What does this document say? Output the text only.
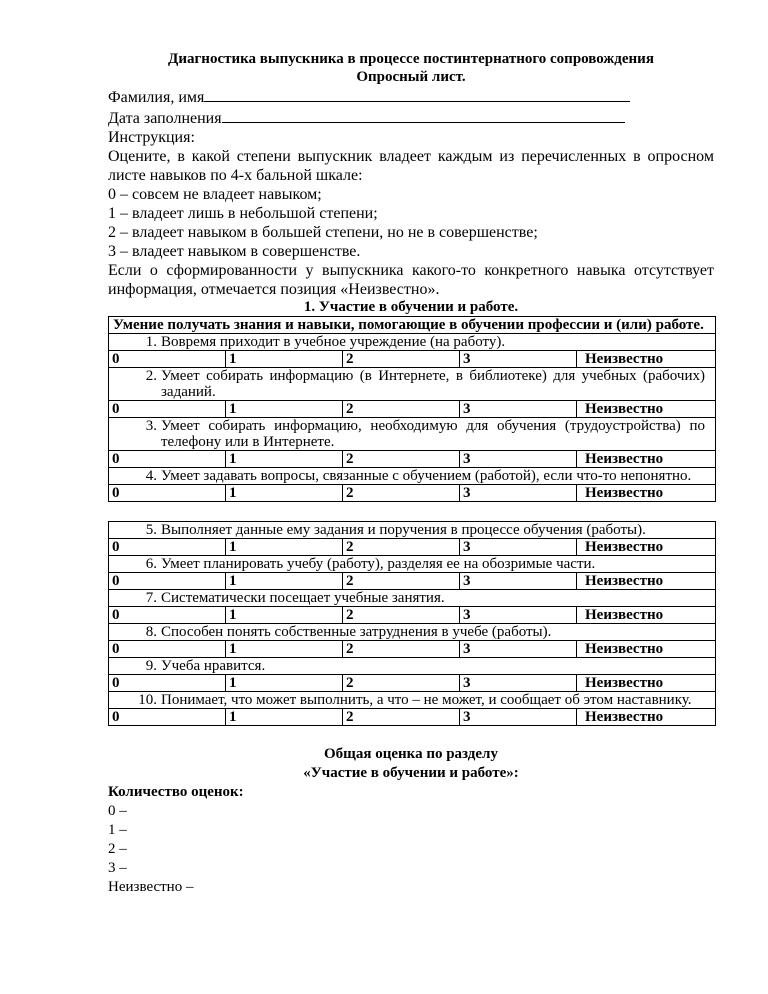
Диагностика выпускника в процессе постинтернатного сопровождения
Опросный лист.
Фамилия, имя
Дата заполнения
Инструкция:
Оцените, в какой степени выпускник владеет каждым из перечисленных в опросном листе навыков по 4-х бальной шкале:
0 – совсем не владеет навыком;
1 – владеет лишь в небольшой степени;
2 – владеет навыком в большей степени, но не в совершенстве;
3 – владеет навыком в совершенстве.
Если о сформированности у выпускника какого-то конкретного навыка отсутствует информация, отмечается позиция «Неизвестно».
1. Участие в обучении и работе.
Умение получать знания и навыки, помогающие в обучении профессии и (или) работе.				
1. Вовремя приходит в учебное учреждение (на работу).				
0	1	2	3	Неизвестно
2. Умеет собирать информацию (в Интернете, в библиотеке) для учебных (рабочих) заданий.				
0	1	2	3	Неизвестно
3. Умеет собирать информацию, необходимую для обучения (трудоустройства) по телефону или в Интернете.				
0	1	2	3	Неизвестно
4. Умеет задавать вопросы, связанные с обучением (работой), если что-то непонятно.				
0	1	2	3	Неизвестно
5. Выполняет данные ему задания и поручения в процессе обучения (работы).				
0	1	2	3	Неизвестно
6. Умеет планировать учебу (работу), разделяя ее на обозримые части.				
0	1	2	3	Неизвестно
7. Систематически посещает учебные занятия.				
0	1	2	3	Неизвестно
8. Способен понять собственные затруднения в учебе (работы).				
0	1	2	3	Неизвестно
9. Учеба нравится.				
0	1	2	3	Неизвестно
10. Понимает, что может выполнить, а что – не может, и сообщает об этом наставнику.				
0	1	2	3	Неизвестно
Общая оценка по разделу
«Участие в обучении и работе»:
Количество оценок:
0 –
1 –
2 –
3 –
Неизвестно –
